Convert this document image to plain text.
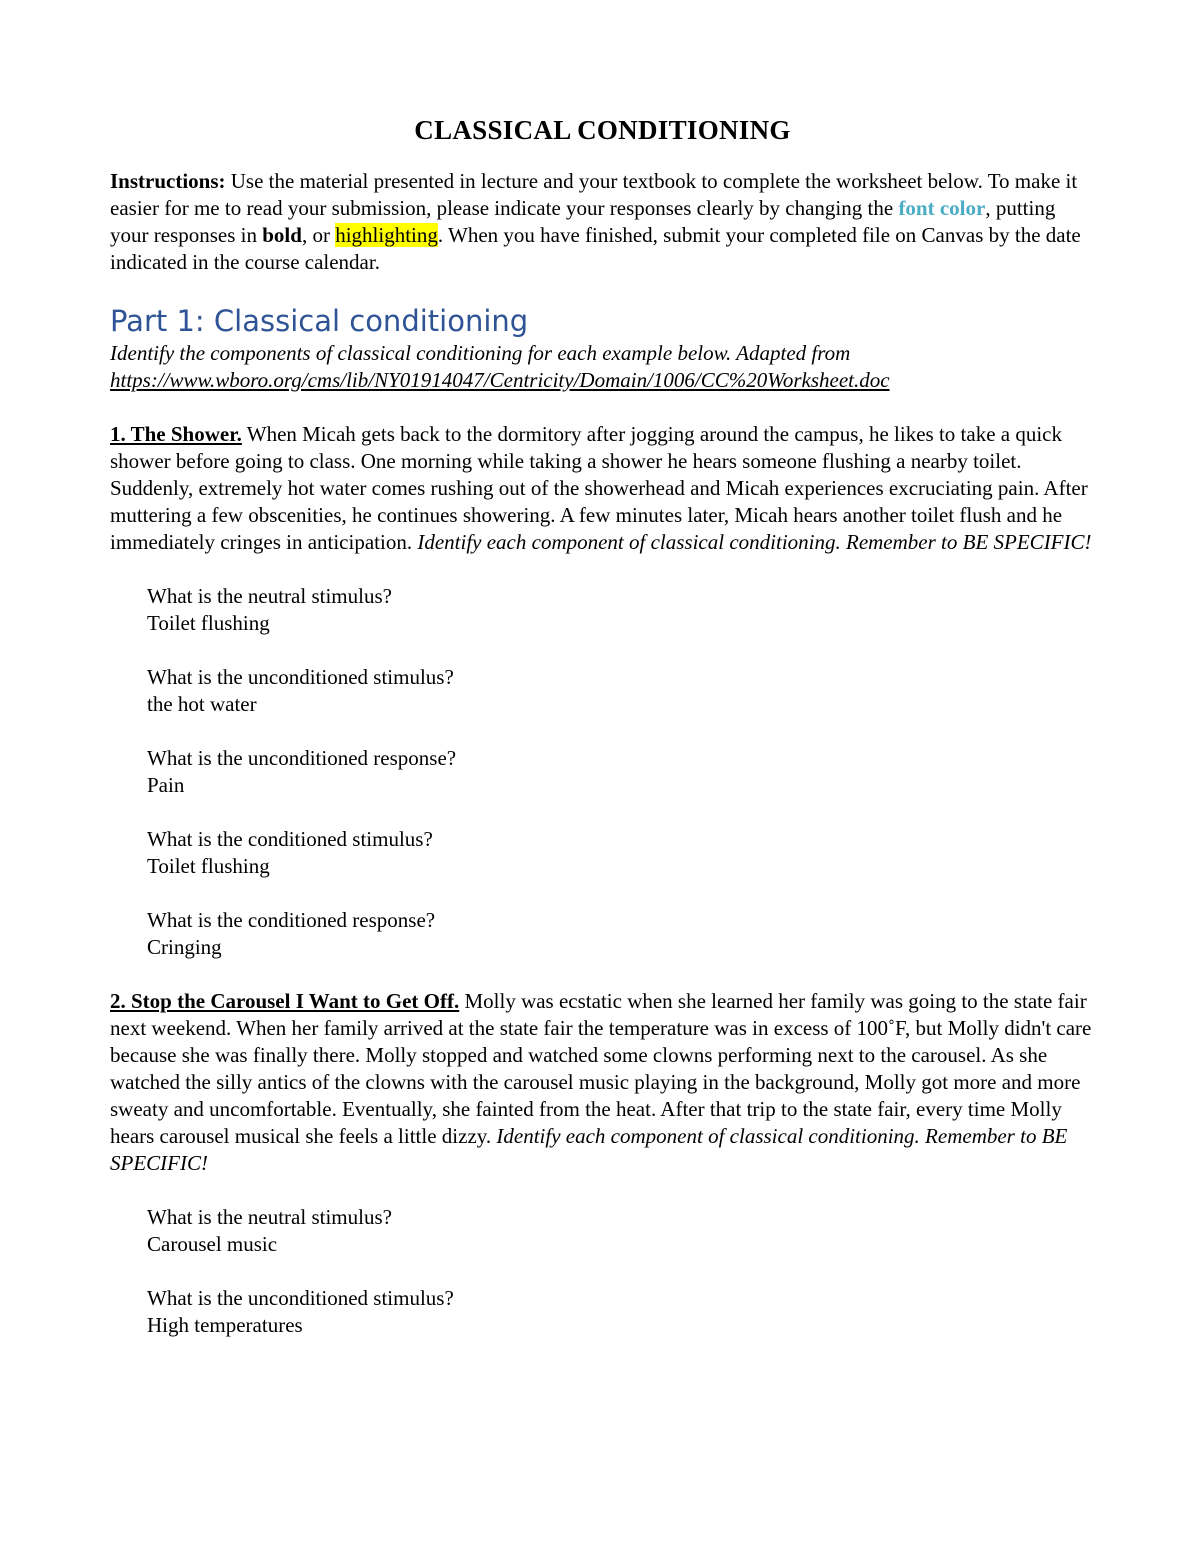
CLASSICAL CONDITIONING

Instructions: Use the material presented in lecture and your textbook to complete the worksheet below. To make it easier for me to read your submission, please indicate your responses clearly by changing the font color, putting your responses in bold, or highlighting. When you have finished, submit your completed file on Canvas by the date indicated in the course calendar.

Part 1: Classical conditioning

Identify the components of classical conditioning for each example below. Adapted from https://www.wboro.org/cms/lib/NY01914047/Centricity/Domain/1006/CC%20Worksheet.doc

1. The Shower. When Micah gets back to the dormitory after jogging around the campus, he likes to take a quick shower before going to class. One morning while taking a shower he hears someone flushing a nearby toilet. Suddenly, extremely hot water comes rushing out of the showerhead and Micah experiences excruciating pain. After muttering a few obscenities, he continues showering. A few minutes later, Micah hears another toilet flush and he immediately cringes in anticipation. Identify each component of classical conditioning. Remember to BE SPECIFIC!

What is the neutral stimulus?
Toilet flushing
What is the unconditioned stimulus?
the hot water
What is the unconditioned response?
Pain
What is the conditioned stimulus?
Toilet flushing
What is the conditioned response?
Cringing

2. Stop the Carousel I Want to Get Off. Molly was ecstatic when she learned her family was going to the state fair next weekend. When her family arrived at the state fair the temperature was in excess of 100˚F, but Molly didn't care because she was finally there. Molly stopped and watched some clowns performing next to the carousel. As she watched the silly antics of the clowns with the carousel music playing in the background, Molly got more and more sweaty and uncomfortable. Eventually, she fainted from the heat. After that trip to the state fair, every time Molly hears carousel musical she feels a little dizzy. Identify each component of classical conditioning. Remember to BE SPECIFIC!

What is the neutral stimulus?
Carousel music
What is the unconditioned stimulus?
High temperatures
